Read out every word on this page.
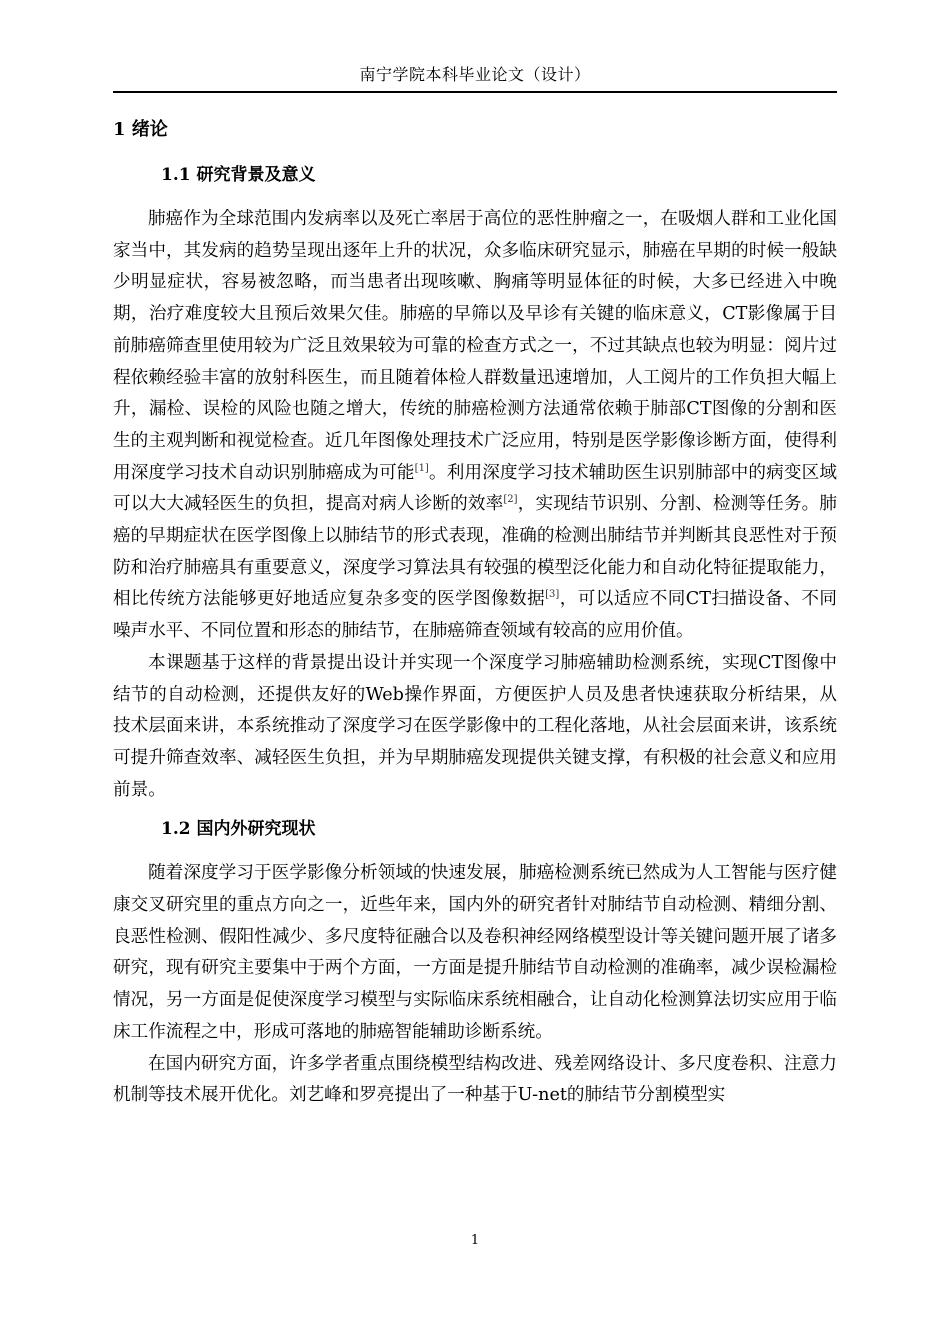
南宁学院本科毕业论文（设计）
1 绪论
1.1 研究背景及意义

肺癌作为全球范围内发病率以及死亡率居于高位的恶性肿瘤之一，在吸烟人群和工业化国家当中，其发病的趋势呈现出逐年上升的状况，众多临床研究显示，肺癌在早期的时候一般缺少明显症状，容易被忽略，而当患者出现咳嗽、胸痛等明显体征的时候，大多已经进入中晚期，治疗难度较大且预后效果欠佳。肺癌的早筛以及早诊有关键的临床意义，CT影像属于目前肺癌筛查里使用较为广泛且效果较为可靠的检查方式之一，不过其缺点也较为明显：阅片过程依赖经验丰富的放射科医生，而且随着体检人群数量迅速增加，人工阅片的工作负担大幅上升，漏检、误检的风险也随之增大，传统的肺癌检测方法通常依赖于肺部CT图像的分割和医生的主观判断和视觉检查。近几年图像处理技术广泛应用，特别是医学影像诊断方面，使得利用深度学习技术自动识别肺癌成为可能[1]。利用深度学习技术辅助医生识别肺部中的病变区域可以大大减轻医生的负担，提高对病人诊断的效率[2]，实现结节识别、分割、检测等任务。肺癌的早期症状在医学图像上以肺结节的形式表现，准确的检测出肺结节并判断其良恶性对于预防和治疗肺癌具有重要意义，深度学习算法具有较强的模型泛化能力和自动化特征提取能力，相比传统方法能够更好地适应复杂多变的医学图像数据[3]，可以适应不同CT扫描设备、不同噪声水平、不同位置和形态的肺结节，在肺癌筛查领域有较高的应用价值。

本课题基于这样的背景提出设计并实现一个深度学习肺癌辅助检测系统，实现CT图像中结节的自动检测，还提供友好的Web操作界面，方便医护人员及患者快速获取分析结果，从技术层面来讲，本系统推动了深度学习在医学影像中的工程化落地，从社会层面来讲，该系统可提升筛查效率、减轻医生负担，并为早期肺癌发现提供关键支撑，有积极的社会意义和应用前景。

1.2 国内外研究现状

随着深度学习于医学影像分析领域的快速发展，肺癌检测系统已然成为人工智能与医疗健康交叉研究里的重点方向之一，近些年来，国内外的研究者针对肺结节自动检测、精细分割、良恶性检测、假阳性减少、多尺度特征融合以及卷积神经网络模型设计等关键问题开展了诸多研究，现有研究主要集中于两个方面，一方面是提升肺结节自动检测的准确率，减少误检漏检情况，另一方面是促使深度学习模型与实际临床系统相融合，让自动化检测算法切实应用于临床工作流程之中，形成可落地的肺癌智能辅助诊断系统。

在国内研究方面，许多学者重点围绕模型结构改进、残差网络设计、多尺度卷积、注意力机制等技术展开优化。刘艺峰和罗亮提出了一种基于U-net的肺结节分割模型实

1
